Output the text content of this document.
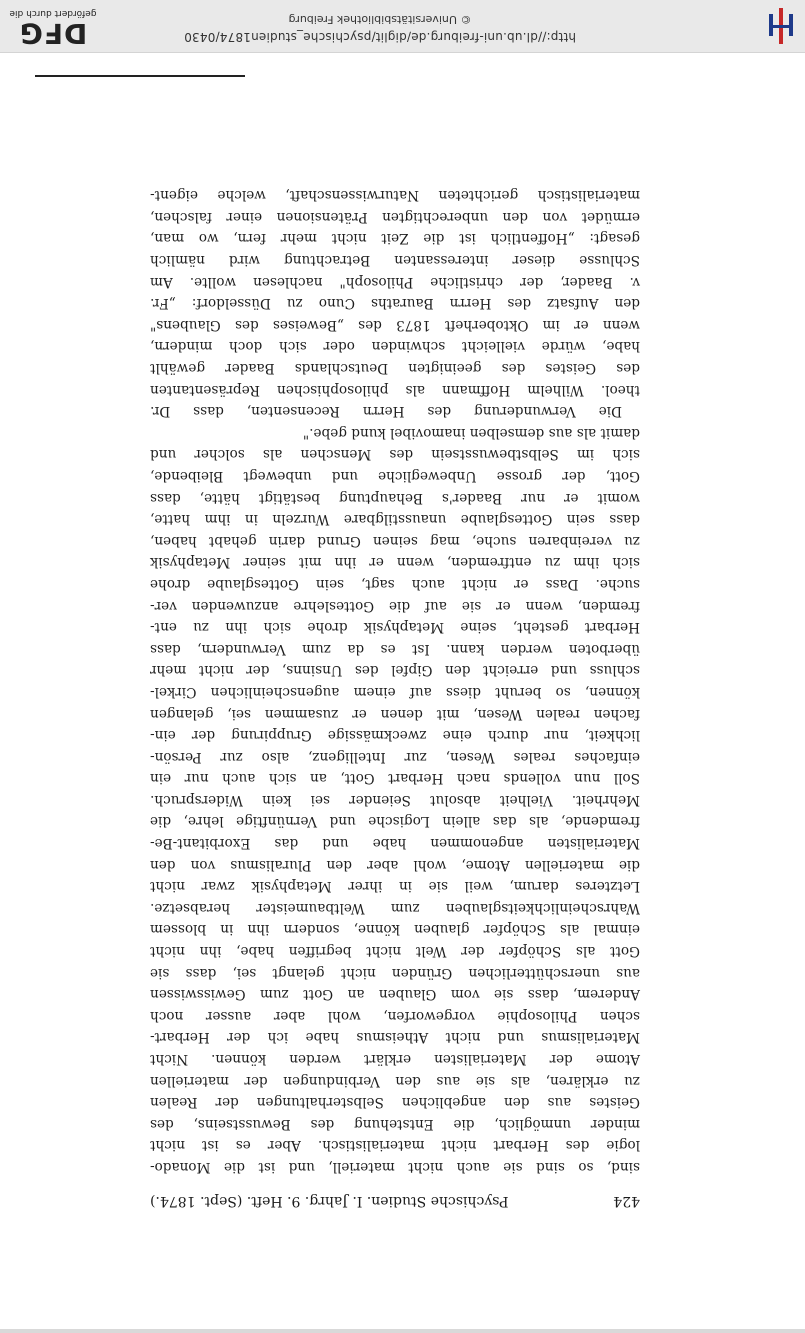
424
Psychische Studien. I. Jahrg. 9. Heft. (Sept. 1874.)
sind, so sind sie auch nicht materiell, und ist die Monado-
logie des Herbart nicht materialistisch. Aber es ist nicht
minder unmöglich, die Entstehung des Bewusstseins, des
Geistes aus den angeblichen Selbsterhaltungen der Realen
zu erklären, als sie aus den Verbindungen der materiellen
Atome der Materialisten erklärt werden können. Nicht
Materialismus und nicht Atheismus habe ich der Herbart-
schen Philosophie vorgeworfen, wohl aber ausser noch
Anderem, dass sie vom Glauben an Gott zum Gewisswissen
aus unerschütterlichen Gründen nicht gelangt sei, dass sie
Gott als Schöpfer der Welt nicht begriffen habe, ihn nicht
einmal als Schöpfer glauben könne, sondern ihn in blossem
Wahrscheinlichkeitsglauben zum Weltbaumeister herabsetze.
Letzteres darum, weil sie in ihrer Metaphysik zwar nicht
die materiellen Atome, wohl aber den Pluralismus von den
Materialisten angenommen habe und das Exorbitant-Be-
fremdende, als das allein Logische und Vernünftige lehre, die
Mehrheit. Vielheit absolut Seiender sei kein Widerspruch.
Soll nun vollends nach Herbart Gott, an sich auch nur ein
einfaches reales Wesen, zur Intelligenz, also zur Persön-
lichkeit, nur durch eine zweckmässige Gruppirung der ein-
fachen realen Wesen, mit denen er zusammen sei, gelangen
können, so beruht diess auf einem augenscheinlichen Cirkel-
schluss und erreicht den Gipfel des Unsinns, der nicht mehr
überboten werden kann. Ist es da zum Verwundern, dass
Herbart gesteht, seine Metaphysik drohe sich ihn zu ent-
fremden, wenn er sie auf die Gotteslehre anzuwenden ver-
suche. Dass er nicht auch sagt, sein Gottesglaube drohe
sich ihm zu entfremden, wenn er ihn mit seiner Metaphysik
zu vereinbaren suche, mag seinen Grund darin gehabt haben,
dass sein Gottesglaube unausstilgbare Wurzeln in ihm hatte,
womit er nur Baader's Behauptung bestätigt hätte, dass
Gott, der grosse Unbewegliche und unbewegt Bleibende,
sich im Selbstbewusstsein des Menschen als solcher und
damit als aus demselben inamovibel kund gebe."
Die Verwunderung des Herrn Recensenten, dass Dr.
theol. Wilhelm Hoffmann als philosophischen Repräsentanten
des Geistes des geeinigten Deutschlands Baader gewählt
habe, würde vielleicht schwinden oder sich doch mindern,
wenn er im Oktoberheft 1873 des „Beweises des Glaubens"
den Aufsatz des Herrn Bauraths Cuno zu Düsseldorf: „Fr.
v. Baader, der christliche Philosoph" nachlesen wollte. Am
Schlusse dieser interessanten Betrachtung wird nämlich
gesagt: „Hoffentlich ist die Zeit nicht mehr fern, wo man,
ermüdet von den unberechtigten Prätensionen einer falschen,
materialistisch gerichteten Naturwissenschaft, welche eigent-
http://dl.ub.uni-freiburg.de/diglit/psychische_studien1874/0430
© Universitätsbibliothek Freiburg
DFG
gefördert durch die
